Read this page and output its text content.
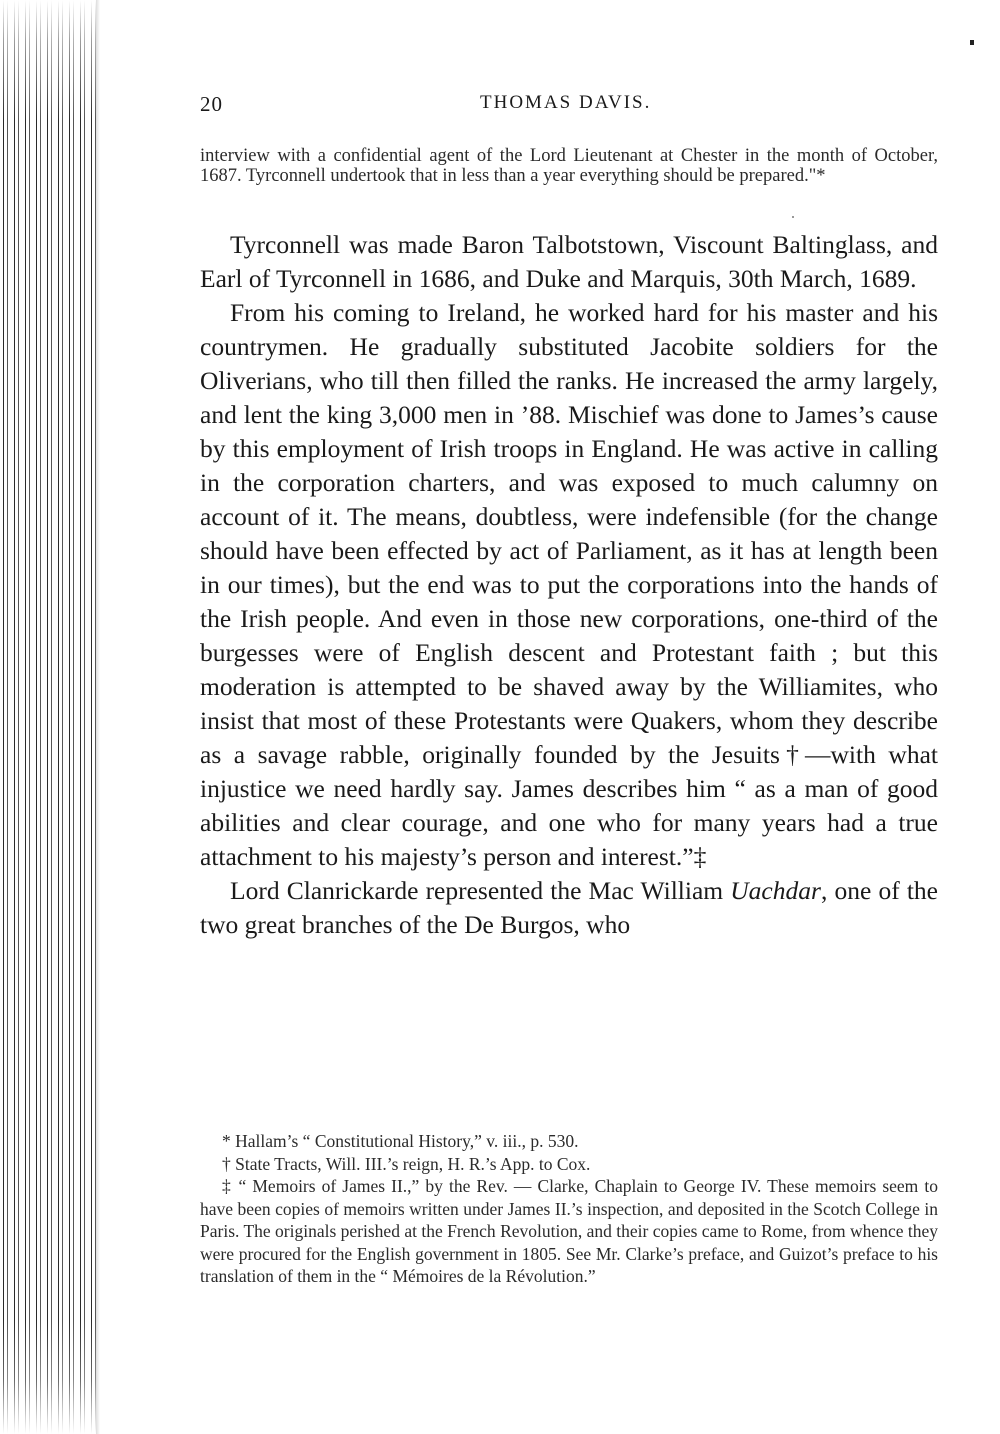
20	THOMAS DAVIS.
interview with a confidential agent of the Lord Lieutenant at Chester in the month of October, 1687. Tyrconnell undertook that in less than a year everything should be prepared."*

Tyrconnell was made Baron Talbotstown, Viscount Baltinglass, and Earl of Tyrconnell in 1686, and Duke and Marquis, 30th March, 1689.

From his coming to Ireland, he worked hard for his master and his countrymen. He gradually substituted Jacobite soldiers for the Oliverians, who till then filled the ranks. He increased the army largely, and lent the king 3,000 men in ’88. Mischief was done to James’s cause by this employment of Irish troops in England. He was active in calling in the corporation charters, and was exposed to much calumny on account of it. The means, doubtless, were indefensible (for the change should have been effected by act of Parliament, as it has at length been in our times), but the end was to put the corporations into the hands of the Irish people. And even in those new corporations, one-third of the burgesses were of English descent and Protestant faith ; but this moderation is attempted to be shaved away by the Williamites, who insist that most of these Protestants were Quakers, whom they describe as a savage rabble, originally founded by the Jesuits†—with what injustice we need hardly say. James describes him “ as a man of good abilities and clear courage, and one who for many years had a true attachment to his majesty’s person and interest.”‡

Lord Clanrickarde represented the Mac William Uachdar, one of the two great branches of the De Burgos, who

* Hallam’s “ Constitutional History,” v. iii., p. 530.

† State Tracts, Will. III.’s reign, H. R.’s App. to Cox.

‡ “ Memoirs of James II.,” by the Rev. — Clarke, Chaplain to George IV. These memoirs seem to have been copies of memoirs written under James II.’s inspection, and deposited in the Scotch College in Paris. The originals perished at the French Revolution, and their copies came to Rome, from whence they were procured for the English government in 1805. See Mr. Clarke’s preface, and Guizot’s preface to his translation of them in the “ Mémoires de la Révolution.”
